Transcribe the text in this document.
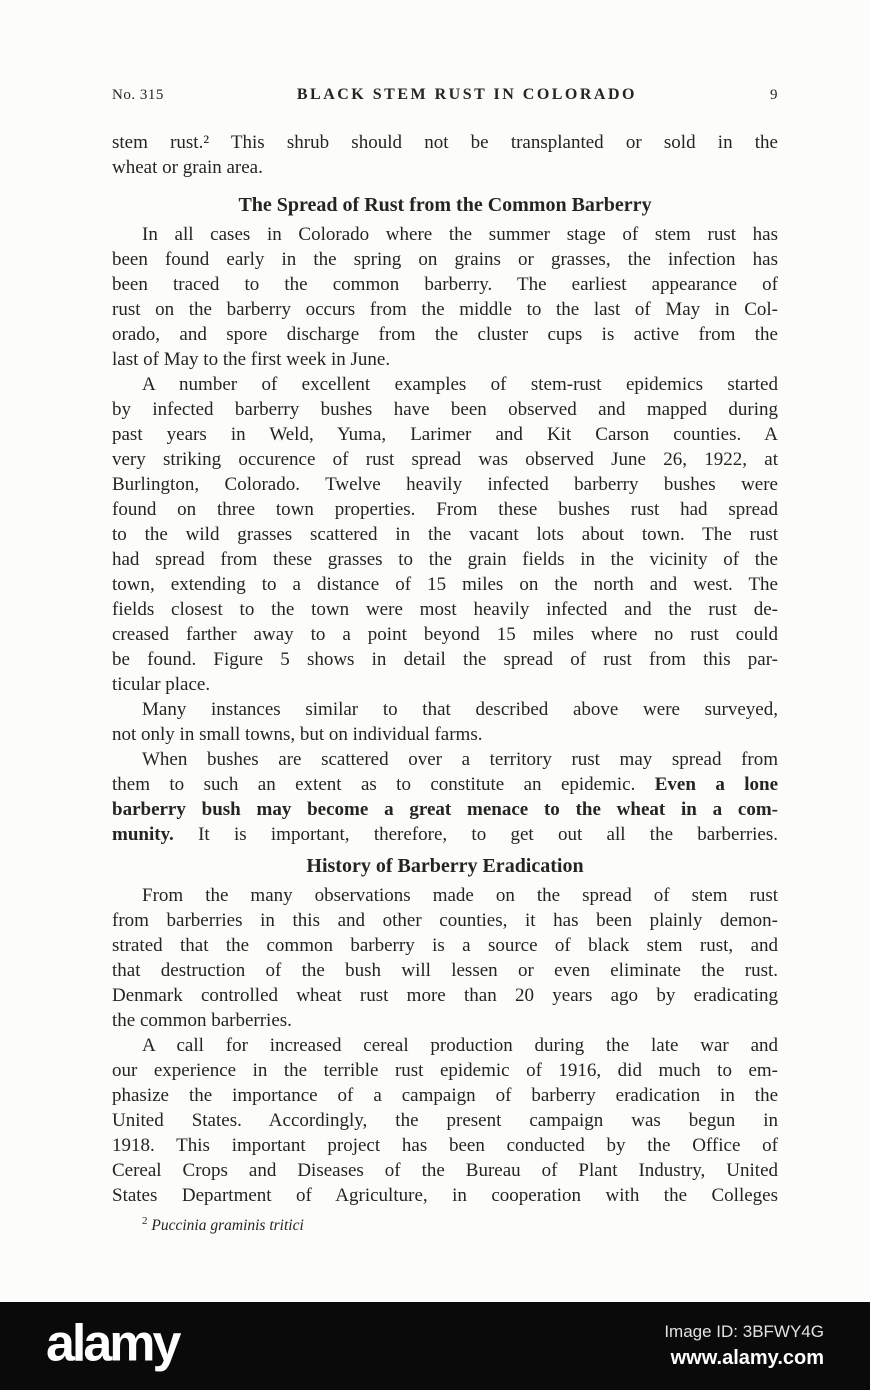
No. 315	BLACK STEM RUST IN COLORADO	9
stem rust.² This shrub should not be transplanted or sold in the
wheat or grain area.
The Spread of Rust from the Common Barberry
In all cases in Colorado where the summer stage of stem rust has
been found early in the spring on grains or grasses, the infection has
been traced to the common barberry. The earliest appearance of
rust on the barberry occurs from the middle to the last of May in Col-
orado, and spore discharge from the cluster cups is active from the
last of May to the first week in June.
A number of excellent examples of stem-rust epidemics started
by infected barberry bushes have been observed and mapped during
past years in Weld, Yuma, Larimer and Kit Carson counties. A
very striking occurence of rust spread was observed June 26, 1922, at
Burlington, Colorado. Twelve heavily infected barberry bushes were
found on three town properties. From these bushes rust had spread
to the wild grasses scattered in the vacant lots about town. The rust
had spread from these grasses to the grain fields in the vicinity of the
town, extending to a distance of 15 miles on the north and west. The
fields closest to the town were most heavily infected and the rust de-
creased farther away to a point beyond 15 miles where no rust could
be found. Figure 5 shows in detail the spread of rust from this par-
ticular place.
Many instances similar to that described above were surveyed,
not only in small towns, but on individual farms.
When bushes are scattered over a territory rust may spread from
them to such an extent as to constitute an epidemic. Even a lone
barberry bush may become a great menace to the wheat in a com-
munity. It is important, therefore, to get out all the barberries.
History of Barberry Eradication
From the many observations made on the spread of stem rust
from barberries in this and other counties, it has been plainly demon-
strated that the common barberry is a source of black stem rust, and
that destruction of the bush will lessen or even eliminate the rust.
Denmark controlled wheat rust more than 20 years ago by eradicating
the common barberries.
A call for increased cereal production during the late war and
our experience in the terrible rust epidemic of 1916, did much to em-
phasize the importance of a campaign of barberry eradication in the
United States. Accordingly, the present campaign was begun in
1918. This important project has been conducted by the Office of
Cereal Crops and Diseases of the Bureau of Plant Industry, United
States Department of Agriculture, in cooperation with the Colleges
$^2$ Puccinia graminis tritici
alamy	Image ID: 3BFWY4G
www.alamy.com
